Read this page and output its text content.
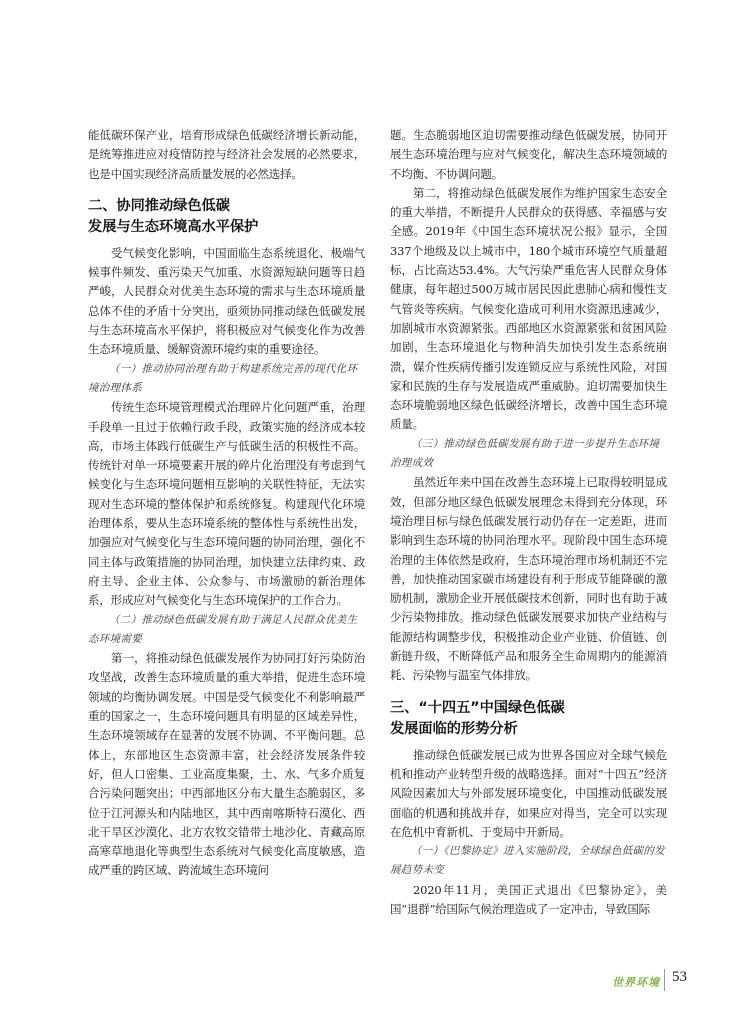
能低碳环保产业，培育形成绿色低碳经济增长新动能，是统筹推进应对疫情防控与经济社会发展的必然要求，也是中国实现经济高质量发展的必然选择。

二、协同推动绿色低碳
发展与生态环境高水平保护

受气候变化影响，中国面临生态系统退化、极端气候事件频发、重污染天气加重、水资源短缺问题等日趋严峻，人民群众对优美生态环境的需求与生态环境质量总体不佳的矛盾十分突出，亟须协同推动绿色低碳发展与生态环境高水平保护，将积极应对气候变化作为改善生态环境质量、缓解资源环境约束的重要途径。

（一）推动协同治理有助于构建系统完善的现代化环境治理体系

传统生态环境管理模式治理碎片化问题严重，治理手段单一且过于依赖行政手段，政策实施的经济成本较高，市场主体践行低碳生产与低碳生活的积极性不高。传统针对单一环境要素开展的碎片化治理没有考虑到气候变化与生态环境问题相互影响的关联性特征，无法实现对生态环境的整体保护和系统修复。构建现代化环境治理体系，要从生态环境系统的整体性与系统性出发，加强应对气候变化与生态环境问题的协同治理，强化不同主体与政策措施的协同治理，加快建立法律约束、政府主导、企业主体、公众参与、市场激励的新治理体系，形成应对气候变化与生态环境保护的工作合力。

（二）推动绿色低碳发展有助于满足人民群众优美生态环境需要

第一，将推动绿色低碳发展作为协同打好污染防治攻坚战，改善生态环境质量的重大举措，促进生态环境领域的均衡协调发展。中国是受气候变化不利影响最严重的国家之一，生态环境问题具有明显的区域差异性，生态环境领域存在显著的发展不协调、不平衡问题。总体上，东部地区生态资源丰富，社会经济发展条件较好，但人口密集、工业高度集聚，土、水、气多介质复合污染问题突出；中西部地区分布大量生态脆弱区，多位于江河源头和内陆地区，其中西南喀斯特石漠化、西北干旱区沙漠化、北方农牧交错带土地沙化、青藏高原高寒草地退化等典型生态系统对气候变化高度敏感，造成严重的跨区域、跨流域生态环境问

题。生态脆弱地区迫切需要推动绿色低碳发展，协同开展生态环境治理与应对气候变化，解决生态环境领域的不均衡、不协调问题。

第二，将推动绿色低碳发展作为维护国家生态安全的重大举措，不断提升人民群众的获得感、幸福感与安全感。2019年《中国生态环境状况公报》显示，全国 337个地级及以上城市中，180个城市环境空气质量超标，占比高达53.4%。大气污染严重危害人民群众身体健康，每年超过500万城市居民因此患肺心病和慢性支气管炎等疾病。气候变化造成可利用水资源迅速减少，加剧城市水资源紧张。西部地区水资源紧张和贫困风险加剧，生态环境退化与物种消失加快引发生态系统崩溃，媒介性疾病传播引发连锁反应与系统性风险，对国家和民族的生存与发展造成严重威胁。迫切需要加快生态环境脆弱地区绿色低碳经济增长，改善中国生态环境质量。

（三）推动绿色低碳发展有助于进一步提升生态环境治理成效

虽然近年来中国在改善生态环境上已取得较明显成效，但部分地区绿色低碳发展理念未得到充分体现，环境治理目标与绿色低碳发展行动仍存在一定差距，进而影响到生态环境的协同治理水平。现阶段中国生态环境治理的主体依然是政府，生态环境治理市场机制还不完善，加快推动国家碳市场建设有利于形成节能降碳的激励机制，激励企业开展低碳技术创新，同时也有助于减少污染物排放。推动绿色低碳发展要求加快产业结构与能源结构调整步伐，积极推动企业产业链、价值链、创新链升级，不断降低产品和服务全生命周期内的能源消耗、污染物与温室气体排放。

三、“十四五”中国绿色低碳
发展面临的形势分析

推动绿色低碳发展已成为世界各国应对全球气候危机和推动产业转型升级的战略选择。面对“十四五”经济风险因素加大与外部发展环境变化，中国推动低碳发展面临的机遇和挑战并存，如果应对得当，完全可以实现在危机中育新机、于变局中开新局。

（一）《巴黎协定》进入实施阶段，全球绿色低碳的发展趋势未变

2020年11月，美国正式退出《巴黎协定》，美国“退群”给国际气候治理造成了一定冲击，导致国际

世界环境 53
